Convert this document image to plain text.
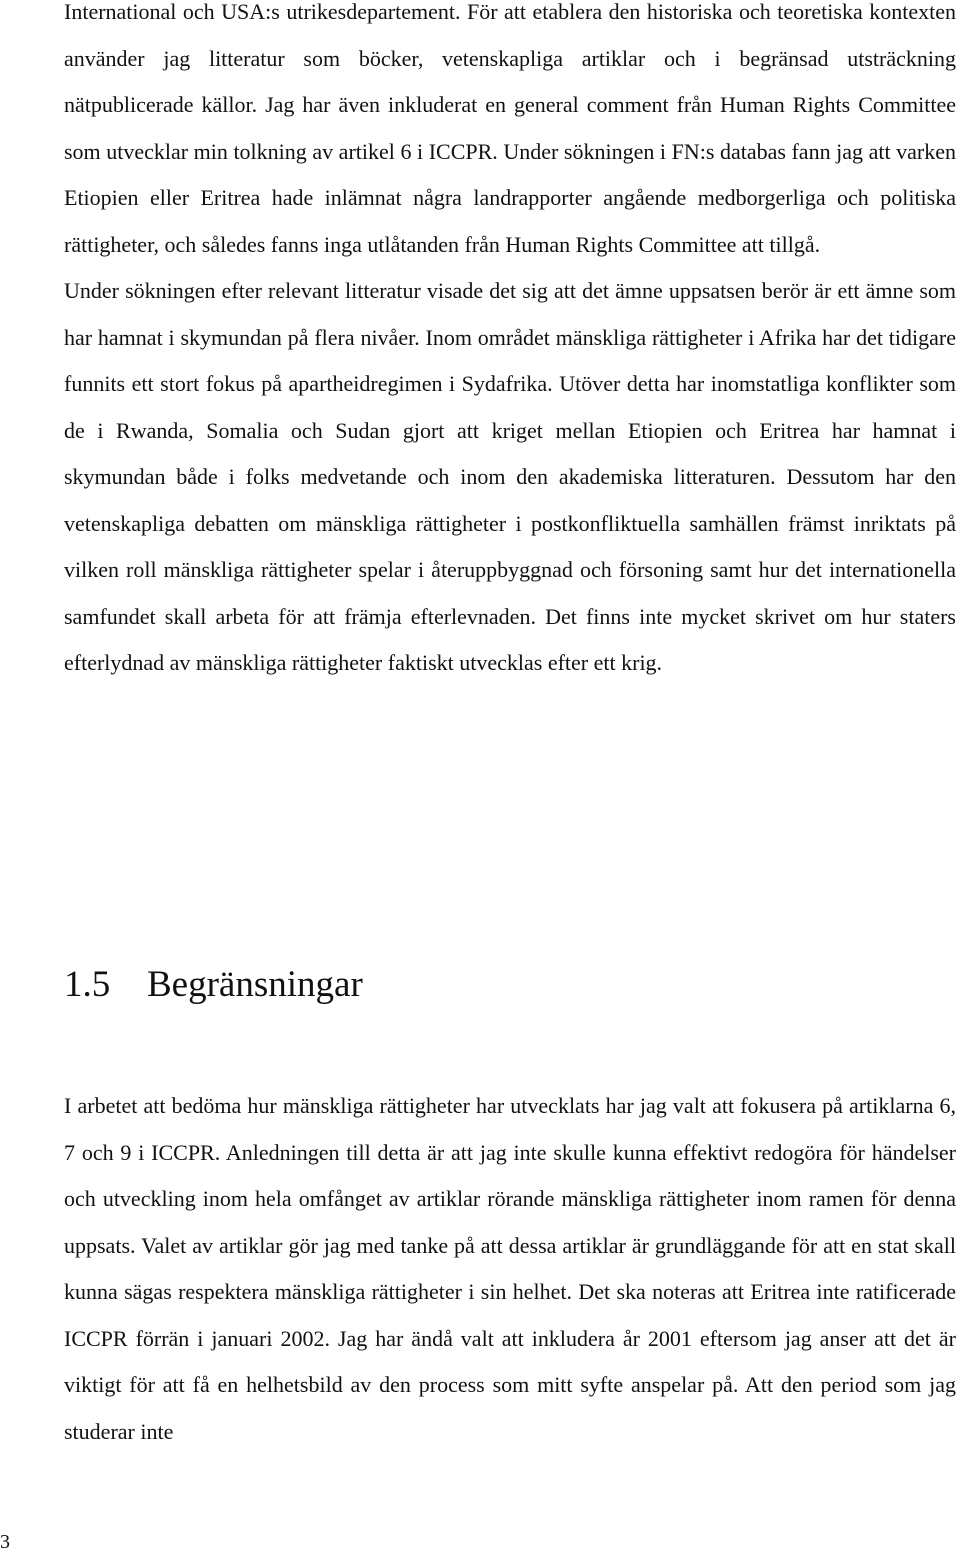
International och USA:s utrikesdepartement. För att etablera den historiska och teoretiska kontexten använder jag litteratur som böcker, vetenskapliga artiklar och i begränsad utsträckning nätpublicerade källor. Jag har även inkluderat en general comment från Human Rights Committee som utvecklar min tolkning av artikel 6 i ICCPR. Under sökningen i FN:s databas fann jag att varken Etiopien eller Eritrea hade inlämnat några landrapporter angående medborgerliga och politiska rättigheter, och således fanns inga utlåtanden från Human Rights Committee att tillgå.

Under sökningen efter relevant litteratur visade det sig att det ämne uppsatsen berör är ett ämne som har hamnat i skymundan på flera nivåer. Inom området mänskliga rättigheter i Afrika har det tidigare funnits ett stort fokus på apartheidregimen i Sydafrika. Utöver detta har inomstatliga konflikter som de i Rwanda, Somalia och Sudan gjort att kriget mellan Etiopien och Eritrea har hamnat i skymundan både i folks medvetande och inom den akademiska litteraturen. Dessutom har den vetenskapliga debatten om mänskliga rättigheter i postkonfliktuella samhällen främst inriktats på vilken roll mänskliga rättigheter spelar i återuppbyggnad och försoning samt hur det internationella samfundet skall arbeta för att främja efterlevnaden. Det finns inte mycket skrivet om hur staters efterlydnad av mänskliga rättigheter faktiskt utvecklas efter ett krig.

1.5 Begränsningar

I arbetet att bedöma hur mänskliga rättigheter har utvecklats har jag valt att fokusera på artiklarna 6, 7 och 9 i ICCPR. Anledningen till detta är att jag inte skulle kunna effektivt redogöra för händelser och utveckling inom hela omfånget av artiklar rörande mänskliga rättigheter inom ramen för denna uppsats. Valet av artiklar gör jag med tanke på att dessa artiklar är grundläggande för att en stat skall kunna sägas respektera mänskliga rättigheter i sin helhet. Det ska noteras att Eritrea inte ratificerade ICCPR förrän i januari 2002. Jag har ändå valt att inkludera år 2001 eftersom jag anser att det är viktigt för att få en helhetsbild av den process som mitt syfte anspelar på. Att den period som jag studerar inte

3
